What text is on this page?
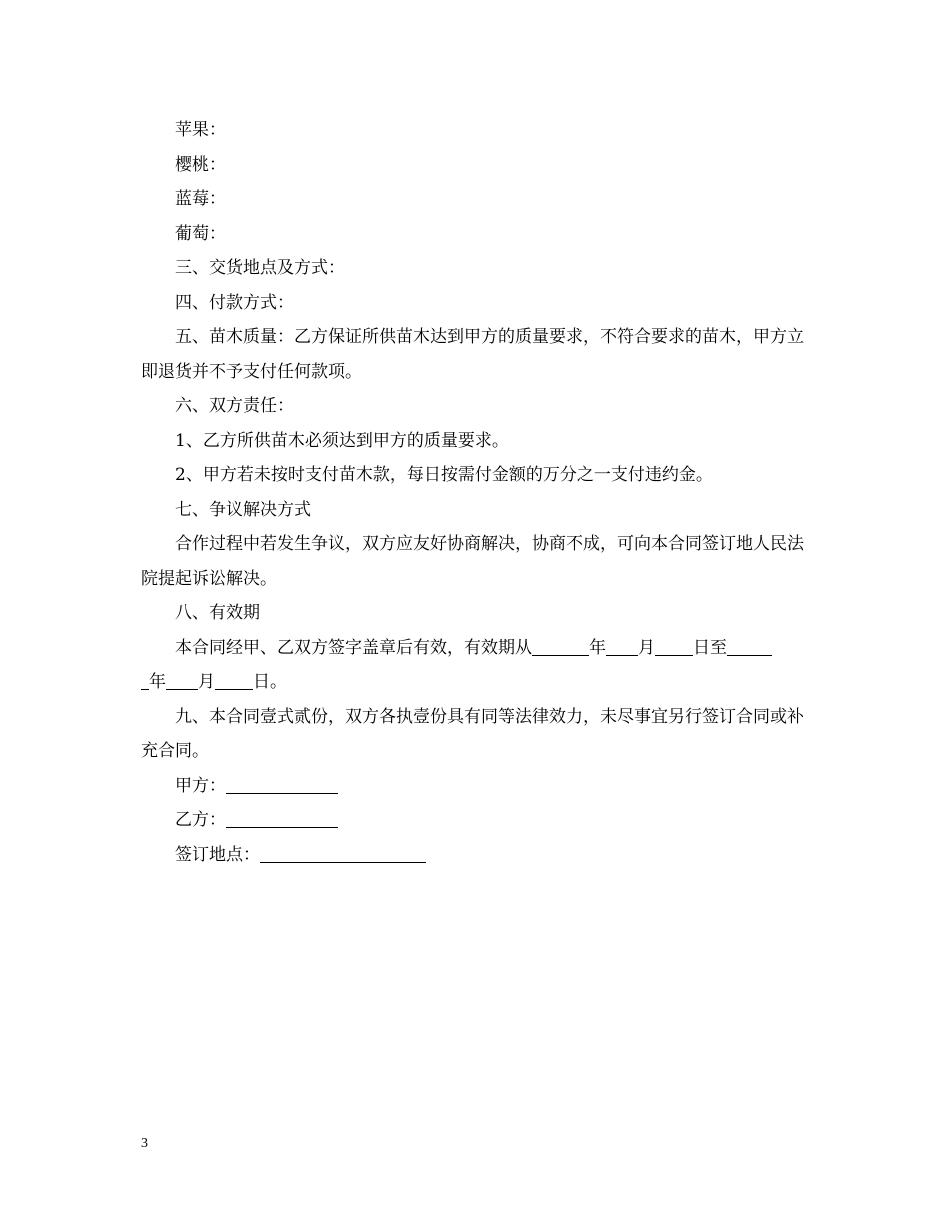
苹果：

樱桃：

蓝莓：

葡萄：

三、交货地点及方式：

四、付款方式：

五、苗木质量：乙方保证所供苗木达到甲方的质量要求，不符合要求的苗木，甲方立即退货并不予支付任何款项。

六、双方责任：

1、乙方所供苗木必须达到甲方的质量要求。

2、甲方若未按时支付苗木款，每日按需付金额的万分之一支付违约金。

七、争议解决方式

合作过程中若发生争议，双方应友好协商解决，协商不成，可向本合同签订地人民法院提起诉讼解决。

八、有效期

本合同经甲、乙双方签字盖章后有效，有效期从	年 月 日至
年 月 日。

九、本合同壹式贰份，双方各执壹份具有同等法律效力，未尽事宜另行签订合同或补充合同。

甲方：

乙方：

签订地点：

3
